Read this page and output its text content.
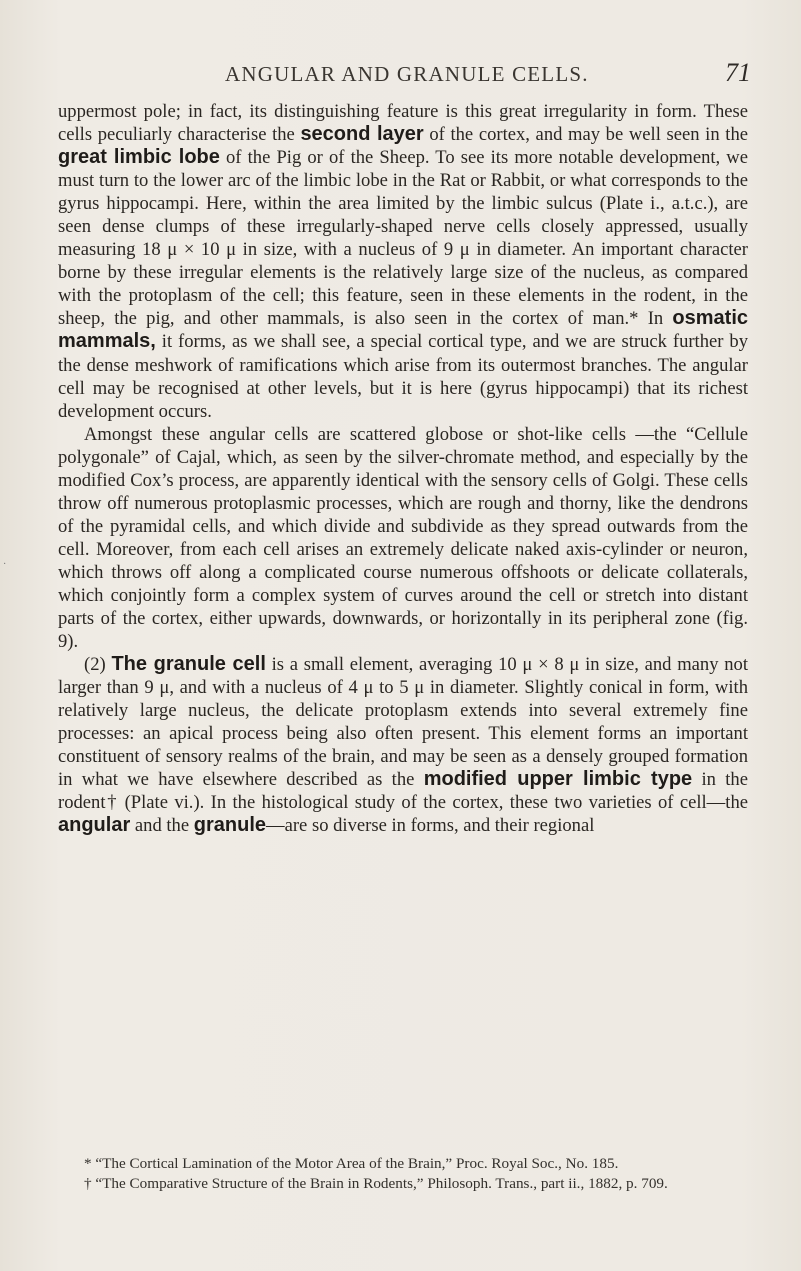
ANGULAR AND GRANULE CELLS.	71
·

uppermost pole; in fact, its distinguishing feature is this great irregularity in form. These cells peculiarly characterise the second layer of the cortex, and may be well seen in the great limbic lobe of the Pig or of the Sheep. To see its more notable development, we must turn to the lower arc of the limbic lobe in the Rat or Rabbit, or what corresponds to the gyrus hippocampi. Here, within the area limited by the limbic sulcus (Plate i., a.t.c.), are seen dense clumps of these irregularly-shaped nerve cells closely appressed, usually measuring 18 μ × 10 μ in size, with a nucleus of 9 μ in diameter. An important character borne by these irregular elements is the relatively large size of the nucleus, as compared with the protoplasm of the cell; this feature, seen in these elements in the rodent, in the sheep, the pig, and other mammals, is also seen in the cortex of man.* In osmatic mammals, it forms, as we shall see, a special cortical type, and we are struck further by the dense meshwork of ramifications which arise from its outermost branches. The angular cell may be recognised at other levels, but it is here (gyrus hippocampi) that its richest development occurs.

Amongst these angular cells are scattered globose or shot-like cells —the “Cellule polygonale” of Cajal, which, as seen by the silver-chromate method, and especially by the modified Cox’s process, are apparently identical with the sensory cells of Golgi. These cells throw off numerous protoplasmic processes, which are rough and thorny, like the dendrons of the pyramidal cells, and which divide and subdivide as they spread outwards from the cell. Moreover, from each cell arises an extremely delicate naked axis-cylinder or neuron, which throws off along a complicated course numerous offshoots or delicate collaterals, which conjointly form a complex system of curves around the cell or stretch into distant parts of the cortex, either upwards, downwards, or horizontally in its peripheral zone (fig. 9).

(2) The granule cell is a small element, averaging 10 μ × 8 μ in size, and many not larger than 9 μ, and with a nucleus of 4 μ to 5 μ in diameter. Slightly conical in form, with relatively large nucleus, the delicate protoplasm extends into several extremely fine processes: an apical process being also often present. This element forms an important constituent of sensory realms of the brain, and may be seen as a densely grouped formation in what we have elsewhere described as the modified upper limbic type in the rodent† (Plate vi.). In the histological study of the cortex, these two varieties of cell—the angular and the granule—are so diverse in forms, and their regional

* “The Cortical Lamination of the Motor Area of the Brain,” Proc. Royal Soc., No. 185.

† “The Comparative Structure of the Brain in Rodents,” Philosoph. Trans., part ii., 1882, p. 709.
